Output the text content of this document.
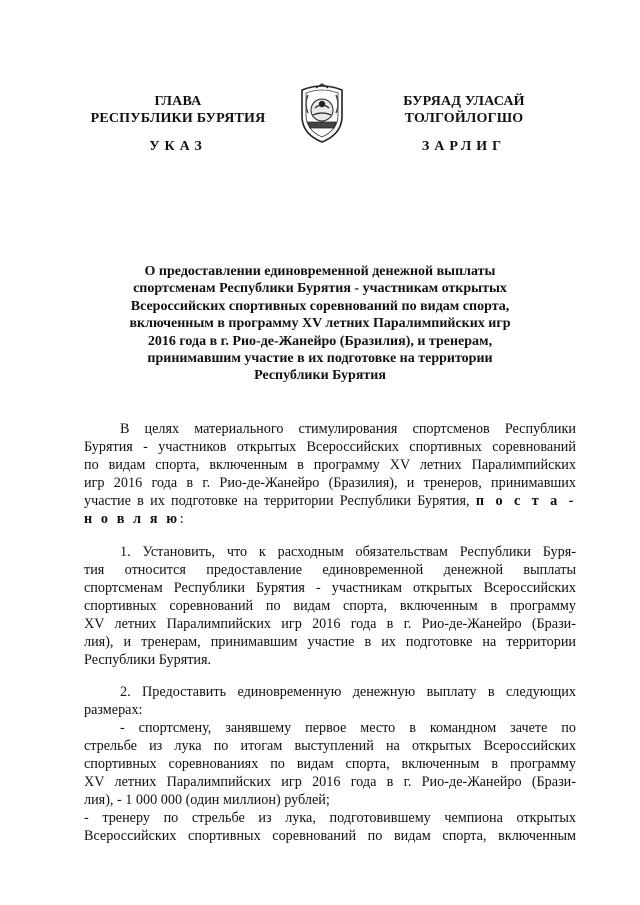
ГЛАВА
РЕСПУБЛИКИ БУРЯТИЯ
БУРЯАД УЛАСАЙ
ТОЛГОЙЛОГШО
УКАЗ	ЗАРЛИГ
О предоставлении единовременной денежной выплаты
спортсменам Республики Бурятия - участникам открытых
Всероссийских спортивных соревнований по видам спорта,
включенным в программу XV летних Паралимпийских игр
2016 года в г. Рио-де-Жанейро (Бразилия), и тренерам,
принимавшим участие в их подготовке на территории
Республики Бурятия
В целях материального стимулирования спортсменов Республики
Бурятия - участников открытых Всероссийских спортивных соревнований
по видам спорта, включенным в программу XV летних Паралимпийских
игр 2016 года в г. Рио-де-Жанейро (Бразилия), и тренеров, принимавших
участие в их подготовке на территории Республики Бурятия, п о с т а -
н о в л я ю:
1. Установить, что к расходным обязательствам Республики Буря-
тия относится предоставление единовременной денежной выплаты
спортсменам Республики Бурятия - участникам открытых Всероссийских
спортивных соревнований по видам спорта, включенным в программу
XV летних Паралимпийских игр 2016 года в г. Рио-де-Жанейро (Брази-
лия), и тренерам, принимавшим участие в их подготовке на территории
Республики Бурятия.
2. Предоставить единовременную денежную выплату в следующих
размерах:
- спортсмену, занявшему первое место в командном зачете по
стрельбе из лука по итогам выступлений на открытых Всероссийских
спортивных соревнованиях по видам спорта, включенным в программу
XV летних Паралимпийских игр 2016 года в г. Рио-де-Жанейро (Брази-
лия), - 1 000 000 (один миллион) рублей;
- тренеру по стрельбе из лука, подготовившему чемпиона открытых
Всероссийских спортивных соревнований по видам спорта, включенным
